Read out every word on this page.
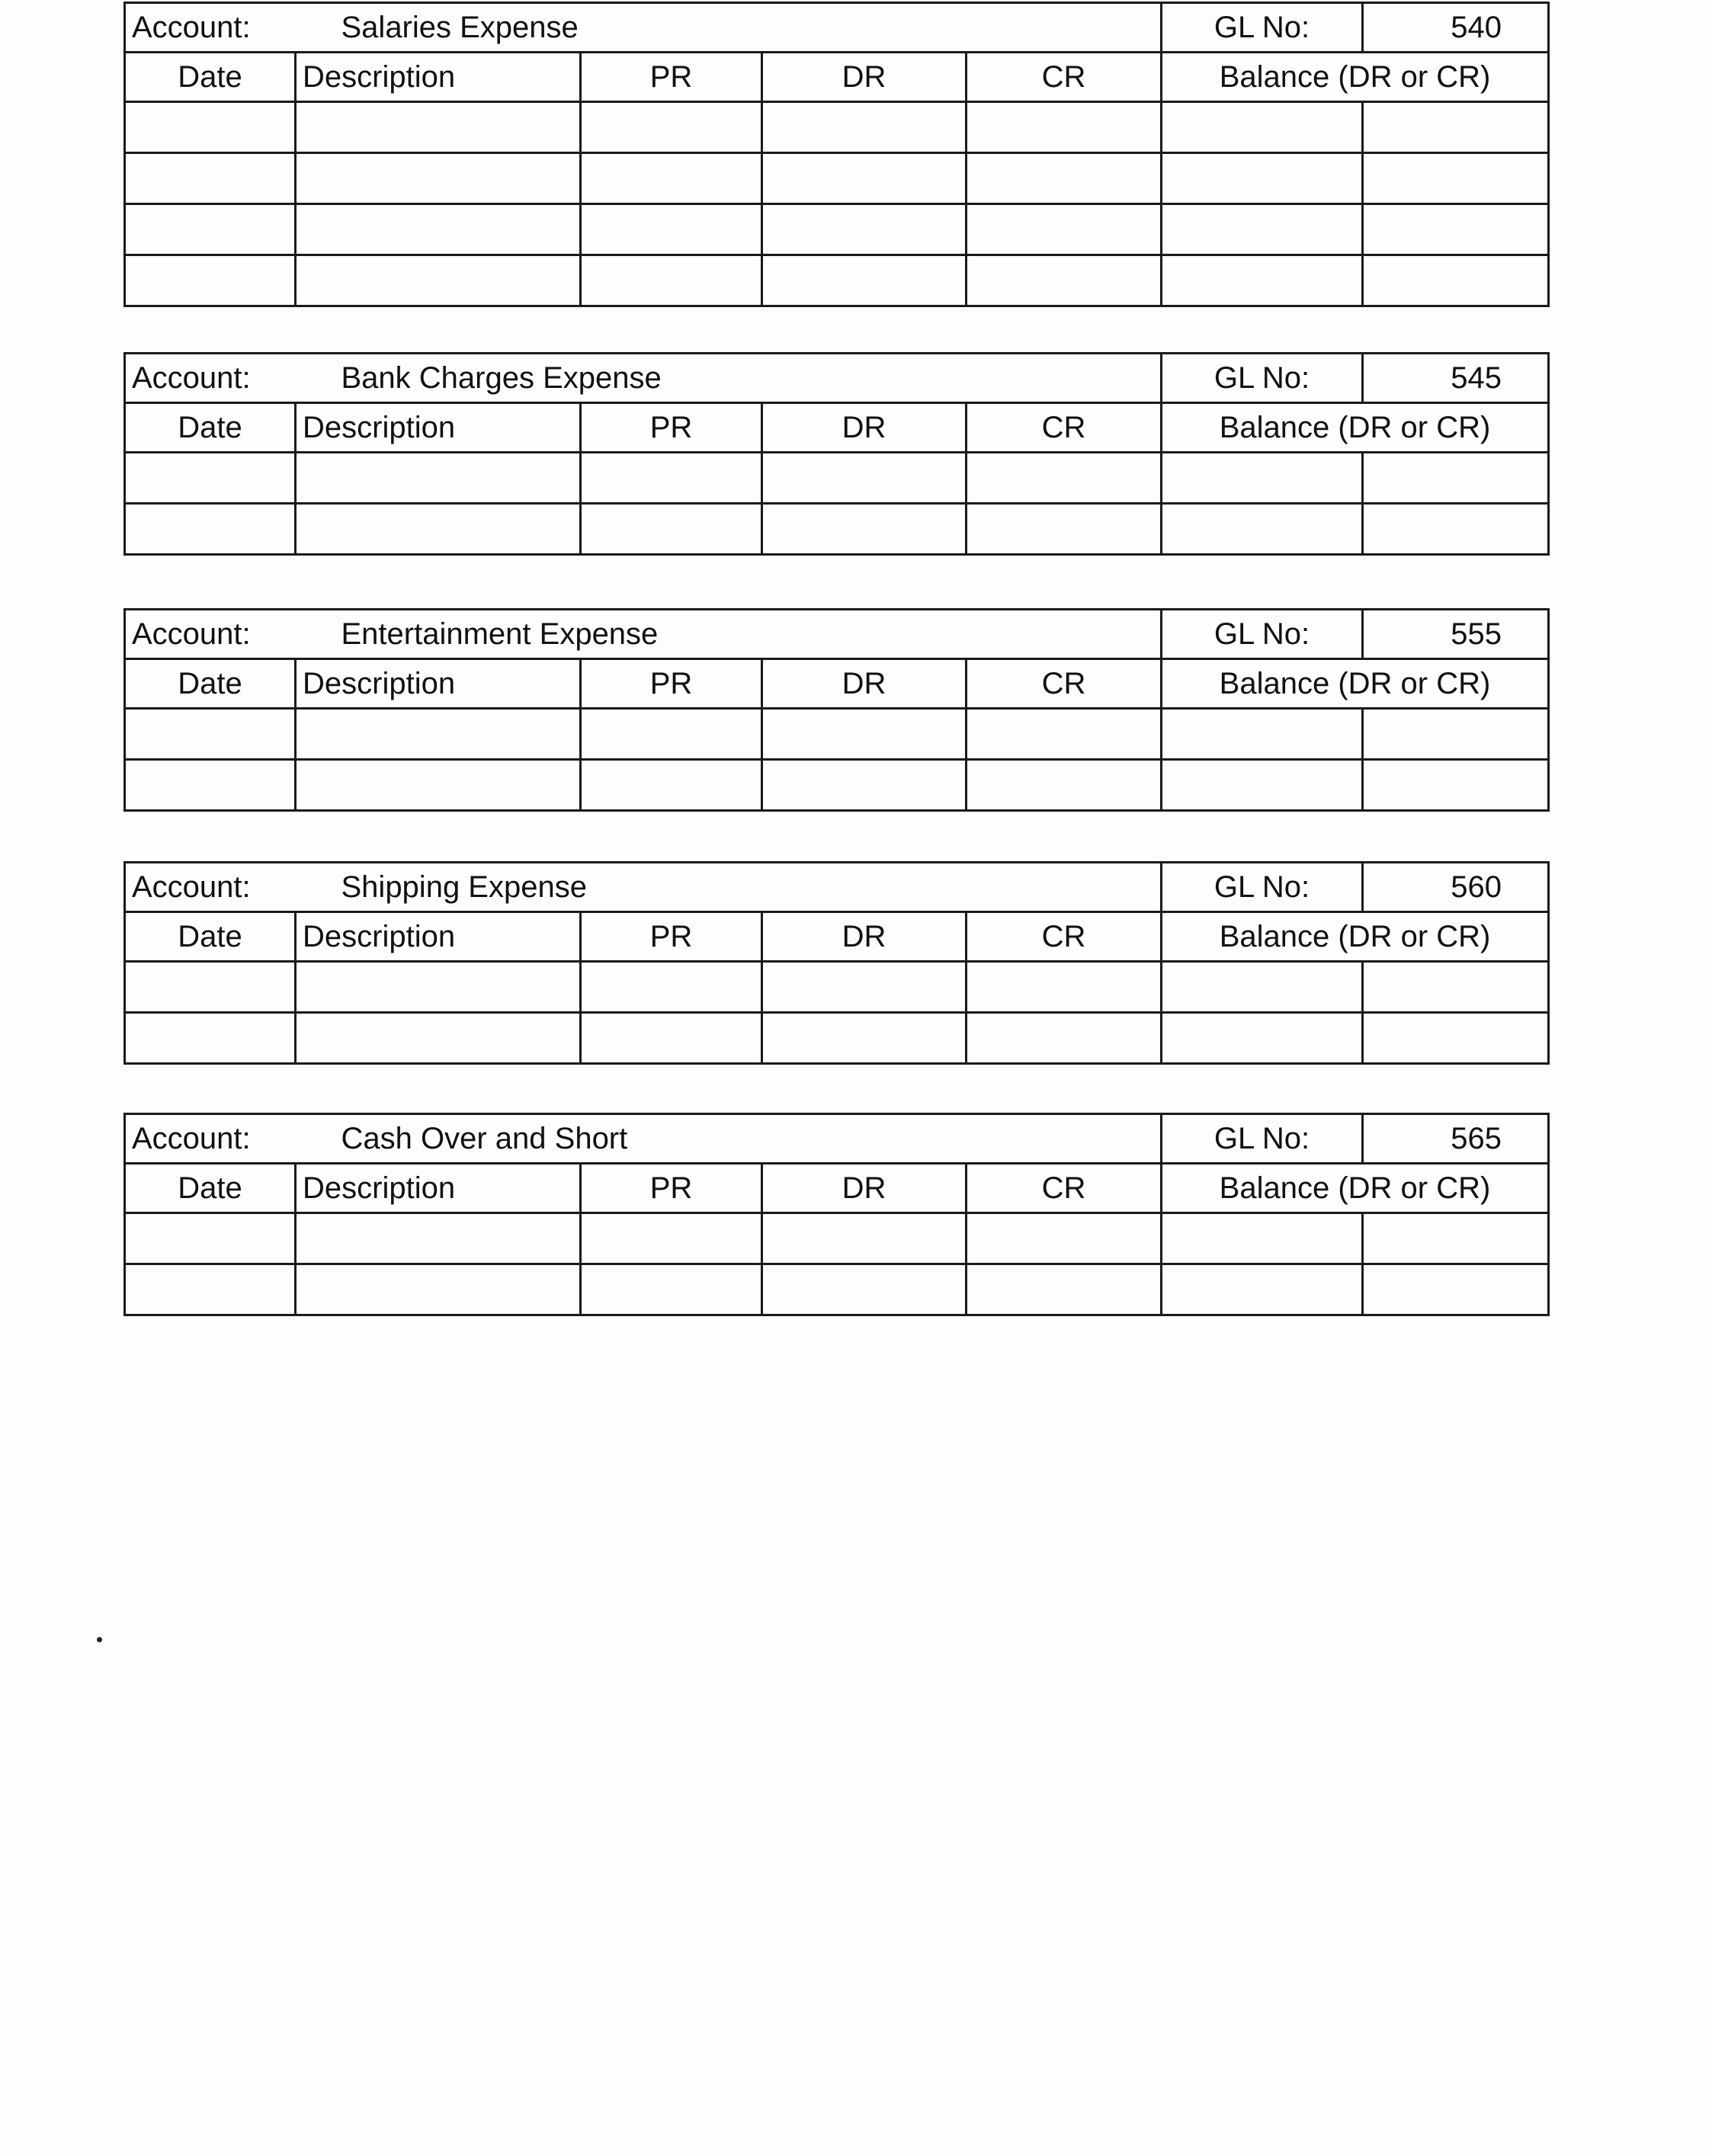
Account:	Salaries Expense				GL No:	540
Date	Description	PR	DR	CR	Balance (DR or CR)	

Account:	Bank Charges Expense				GL No:	545
Date	Description	PR	DR	CR	Balance (DR or CR)	

Account:	Entertainment Expense				GL No:	555
Date	Description	PR	DR	CR	Balance (DR or CR)	

Account:	Shipping Expense				GL No:	560
Date	Description	PR	DR	CR	Balance (DR or CR)	

Account:	Cash Over and Short				GL No:	565
Date	Description	PR	DR	CR	Balance (DR or CR)	
